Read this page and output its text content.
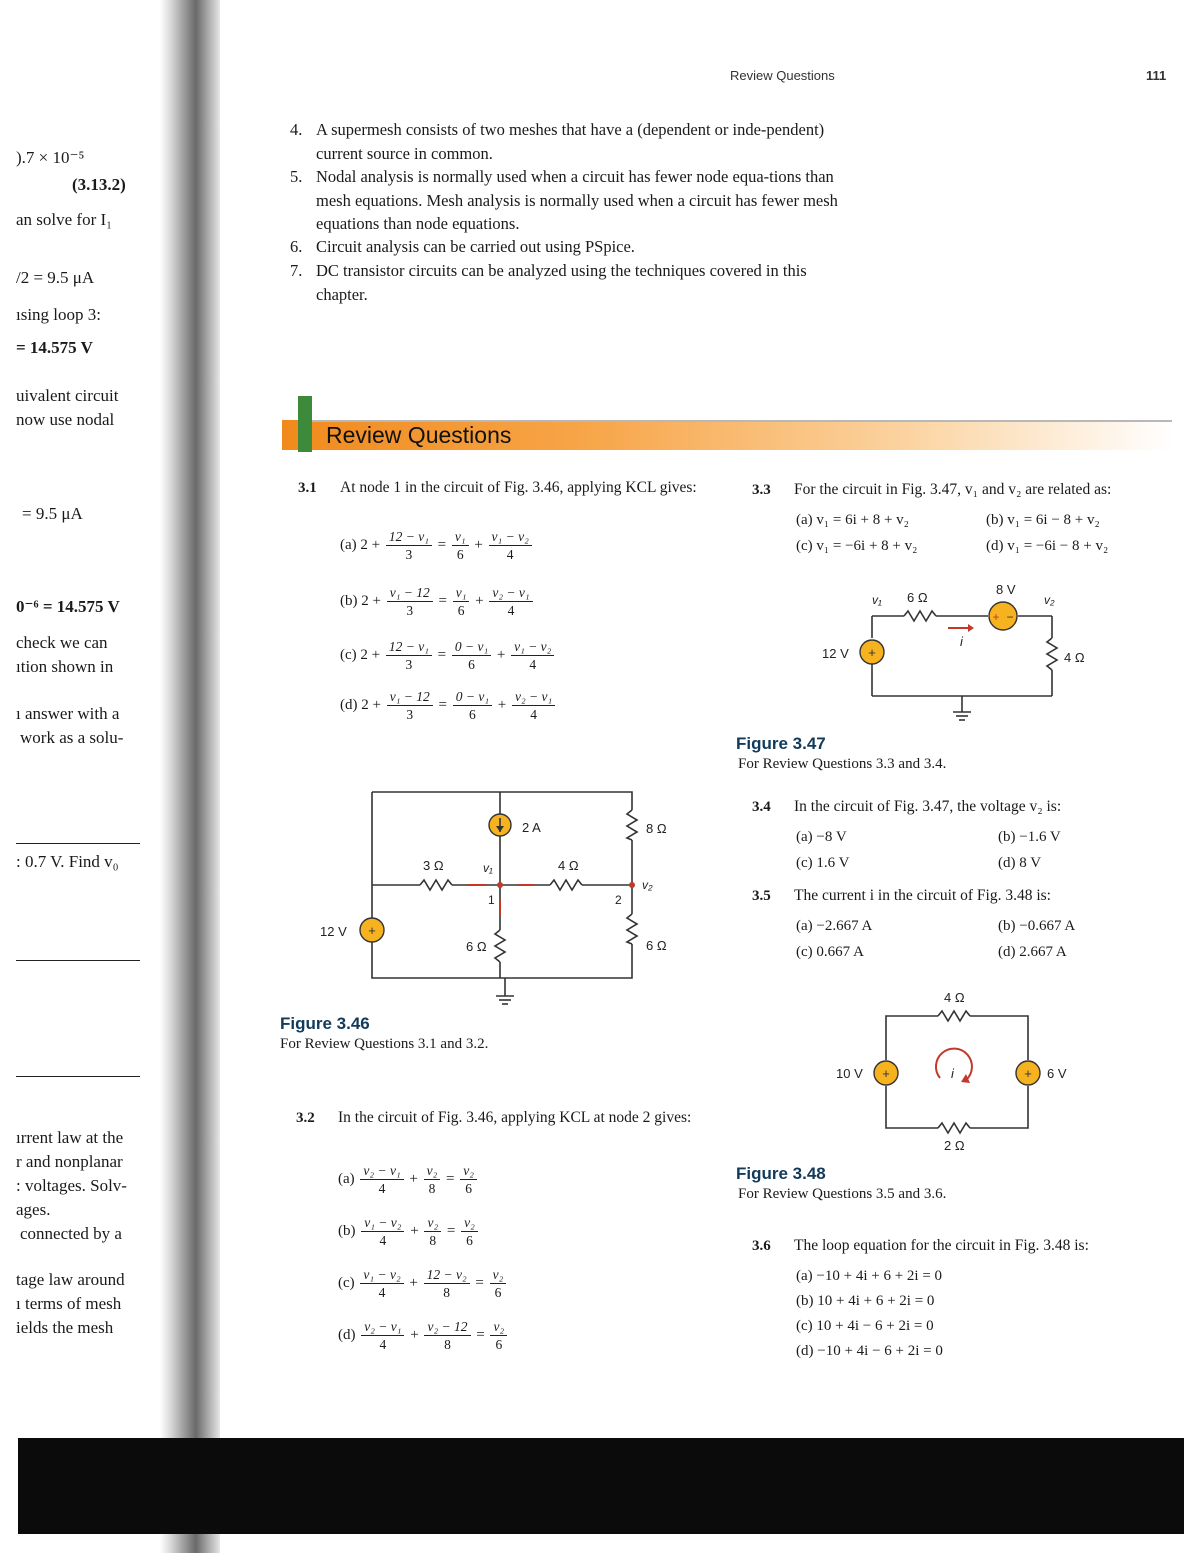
).7 × 10⁻⁵
(3.13.2)
an solve for I₁
/2 = 9.5 μA
ısing loop 3:
= 14.575 V
uivalent circuit
now use nodal
= 9.5 μA
0⁻⁶ = 14.575 V
check we can
ıtion shown in
ı answer with a
work as a solu-
: 0.7 V. Find v₀
ırrent law at the
r and nonplanar
: voltages. Solv-
ages.
connected by a
tage law around
ı terms of mesh
ields the mesh
Review Questions	111
4. A supermesh consists of two meshes that have a (dependent or inde-pendent) current source in common.
5. Nodal analysis is normally used when a circuit has fewer node equa-tions than mesh equations. Mesh analysis is normally used when a circuit has fewer mesh equations than node equations.
6. Circuit analysis can be carried out using PSpice.
7. DC transistor circuits can be analyzed using the techniques covered in this chapter.
Review Questions
3.1 At node 1 in the circuit of Fig. 3.46, applying KCL gives:
(a) $2 + \frac{\text{12 − v₁}}{3} = \frac{\text{v₁}}{6} + \frac{\text{v₁ − v₂}}{4}$
(b) $2 + \frac{\text{v₁ − 12}}{3} = \frac{\text{v₁}}{6} + \frac{\text{v₂ − v₁}}{4}$
(c) $2 + \frac{\text{12 − v₁}}{3} = \frac{\text{0 − v₁}}{6} + \frac{\text{v₁ − v₂}}{4}$
(d) $2 + \frac{\text{v₁ − 12}}{3} = \frac{\text{0 − v₁}}{6} + \frac{\text{v₂ − v₁}}{4}$
+
3 Ω	v₁	4 Ω
v₂
2 A	8 Ω
1	2
12 V
6 Ω	6 Ω
Figure 3.46
For Review Questions 3.1 and 3.2.
3.2 In the circuit of Fig. 3.46, applying KCL at node 2 gives:
$(a) \frac{\text{v₂ − v₁}}{4} + \frac{\text{v₂}}{8} = \frac{\text{v₂}}{6}$
$(b) \frac{\text{v₁ − v₂}}{4} + \frac{\text{v₂}}{8} = \frac{\text{v₂}}{6}$
$(c) \frac{\text{v₁ − v₂}}{4} + \frac{\text{12 − v₂}}{8} = \frac{\text{v₂}}{6}$
$(d) \frac{\text{v₂ − v₁}}{4} + \frac{\text{v₂ − 12}}{8} = \frac{\text{v₂}}{6}$
3.3 For the circuit in Fig. 3.47, v₁ and v₂ are related as:
(a) v₁ = 6i + 8 + v₂	(b) v₁ = 6i − 8 + v₂
(c) v₁ = −6i + 8 + v₂	(d) v₁ = −6i − 8 + v₂
+
+ −
v₁ 6 Ω
8 V
v₂
12 V
i
4 Ω
Figure 3.47
For Review Questions 3.3 and 3.4.
3.4 In the circuit of Fig. 3.47, the voltage v₂ is:
(a) −8 V	(b) −1.6 V
(c) 1.6 V	(d) 8 V
3.5 The current i in the circuit of Fig. 3.48 is:
(a) −2.667 A	(b) −0.667 A
(c) 0.667 A	(d) 2.667 A
+	+
4 Ω
10 V	i	6 V
2 Ω
Figure 3.48
For Review Questions 3.5 and 3.6.
3.6 The loop equation for the circuit in Fig. 3.48 is:
(a) −10 + 4i + 6 + 2i = 0
(b) 10 + 4i + 6 + 2i = 0
(c) 10 + 4i − 6 + 2i = 0
(d) −10 + 4i − 6 + 2i = 0
